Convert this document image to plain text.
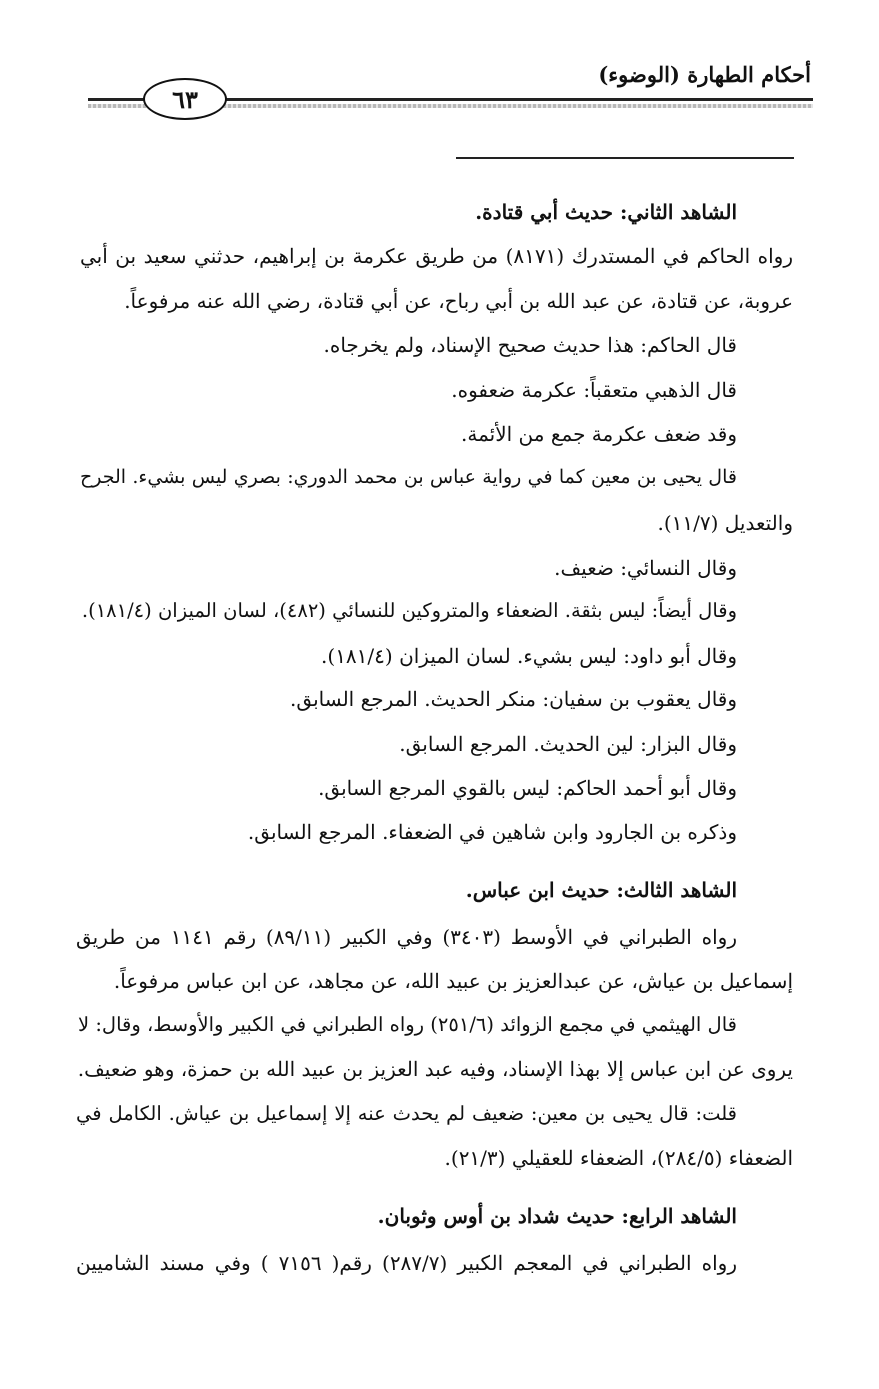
أحكام الطهارة (الوضوء)
٦٣
الشاهد الثاني: حديث أبي قتادة.
رواه الحاكم في المستدرك (٨١٧١) من طريق عكرمة بن إبراهيم، حدثني سعيد بن أبي
عروبة، عن قتادة، عن عبد الله بن أبي رباح، عن أبي قتادة، رضي الله عنه مرفوعاً.
قال الحاكم: هذا حديث صحيح الإسناد، ولم يخرجاه.
قال الذهبي متعقباً: عكرمة ضعفوه.
وقد ضعف عكرمة جمع من الأئمة.
قال يحيى بن معين كما في رواية عباس بن محمد الدوري: بصري ليس بشيء. الجرح
والتعديل (١١/٧).
وقال النسائي: ضعيف.
وقال أيضاً: ليس بثقة. الضعفاء والمتروكين للنسائي (٤٨٢)، لسان الميزان (١٨١/٤).
وقال أبو داود: ليس بشيء. لسان الميزان (١٨١/٤).
وقال يعقوب بن سفيان: منكر الحديث. المرجع السابق.
وقال البزار: لين الحديث. المرجع السابق.
وقال أبو أحمد الحاكم: ليس بالقوي المرجع السابق.
وذكره بن الجارود وابن شاهين في الضعفاء. المرجع السابق.
الشاهد الثالث: حديث ابن عباس.
رواه الطبراني في الأوسط (٣٤٠٣) وفي الكبير (٨٩/١١) رقم ١١٤١ من طريق
إسماعيل بن عياش، عن عبدالعزيز بن عبيد الله، عن مجاهد، عن ابن عباس مرفوعاً.
قال الهيثمي في مجمع الزوائد (٢٥١/٦) رواه الطبراني في الكبير والأوسط، وقال: لا
يروى عن ابن عباس إلا بهذا الإسناد، وفيه عبد العزيز بن عبيد الله بن حمزة، وهو ضعيف.
قلت: قال يحيى بن معين: ضعيف لم يحدث عنه إلا إسماعيل بن عياش. الكامل في
الضعفاء (٢٨٤/٥)، الضعفاء للعقيلي (٢١/٣).
الشاهد الرابع: حديث شداد بن أوس وثوبان.
رواه الطبراني في المعجم الكبير (٢٨٧/٧) رقم( ٧١٥٦ ) وفي مسند الشاميين
